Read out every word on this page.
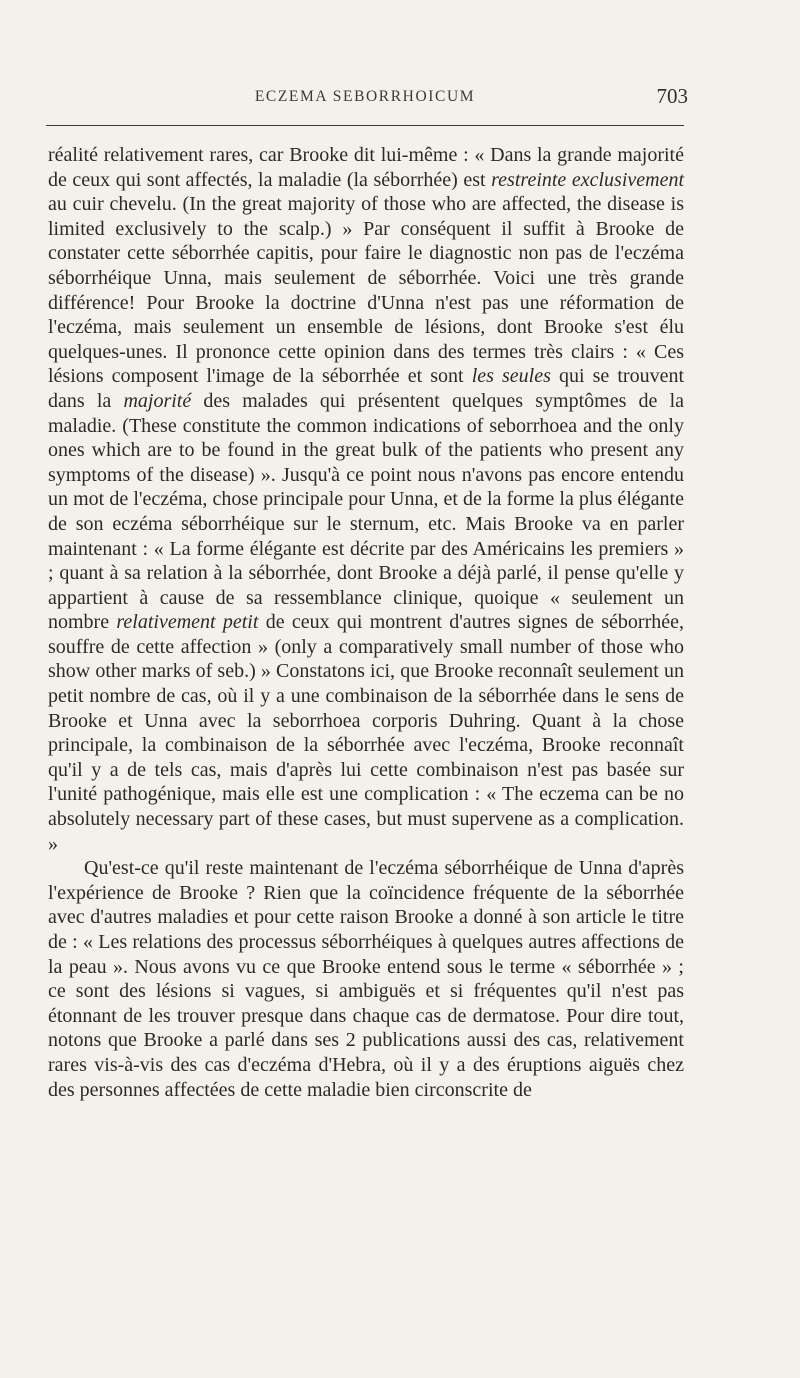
ECZEMA SEBORRHOICUM	703

réalité relativement rares, car Brooke dit lui-même : « Dans la grande majorité de ceux qui sont affectés, la maladie (la séborrhée) est restreinte exclusivement au cuir chevelu. (In the great majority of those who are affected, the disease is limited exclusively to the scalp.) » Par conséquent il suffit à Brooke de constater cette séborrhée capitis, pour faire le diagnostic non pas de l'eczéma séborrhéique Unna, mais seulement de séborrhée. Voici une très grande différence! Pour Brooke la doctrine d'Unna n'est pas une réformation de l'eczéma, mais seulement un ensemble de lésions, dont Brooke s'est élu quelques-unes. Il prononce cette opinion dans des termes très clairs : « Ces lésions composent l'image de la séborrhée et sont les seules qui se trouvent dans la majorité des malades qui présentent quelques symptômes de la maladie. (These constitute the common indications of seborrhoea and the only ones which are to be found in the great bulk of the patients who present any symptoms of the disease) ». Jusqu'à ce point nous n'avons pas encore entendu un mot de l'eczéma, chose principale pour Unna, et de la forme la plus élégante de son eczéma séborrhéique sur le sternum, etc. Mais Brooke va en parler maintenant : « La forme élégante est décrite par des Américains les premiers » ; quant à sa relation à la séborrhée, dont Brooke a déjà parlé, il pense qu'elle y appartient à cause de sa ressemblance clinique, quoique « seulement un nombre relativement petit de ceux qui montrent d'autres signes de séborrhée, souffre de cette affection » (only a comparatively small number of those who show other marks of seb.) » Constatons ici, que Brooke reconnaît seulement un petit nombre de cas, où il y a une combinaison de la séborrhée dans le sens de Brooke et Unna avec la seborrhoea corporis Duhring. Quant à la chose principale, la combinaison de la séborrhée avec l'eczéma, Brooke reconnaît qu'il y a de tels cas, mais d'après lui cette combinaison n'est pas basée sur l'unité pathogénique, mais elle est une complication : « The eczema can be no absolutely necessary part of these cases, but must supervene as a complication. »

Qu'est-ce qu'il reste maintenant de l'eczéma séborrhéique de Unna d'après l'expérience de Brooke ? Rien que la coïncidence fréquente de la séborrhée avec d'autres maladies et pour cette raison Brooke a donné à son article le titre de : « Les relations des processus séborrhéiques à quelques autres affections de la peau ». Nous avons vu ce que Brooke entend sous le terme « séborrhée » ; ce sont des lésions si vagues, si ambiguës et si fréquentes qu'il n'est pas étonnant de les trouver presque dans chaque cas de dermatose. Pour dire tout, notons que Brooke a parlé dans ses 2 publications aussi des cas, relativement rares vis-à-vis des cas d'eczéma d'Hebra, où il y a des éruptions aiguës chez des personnes affectées de cette maladie bien circonscrite de
